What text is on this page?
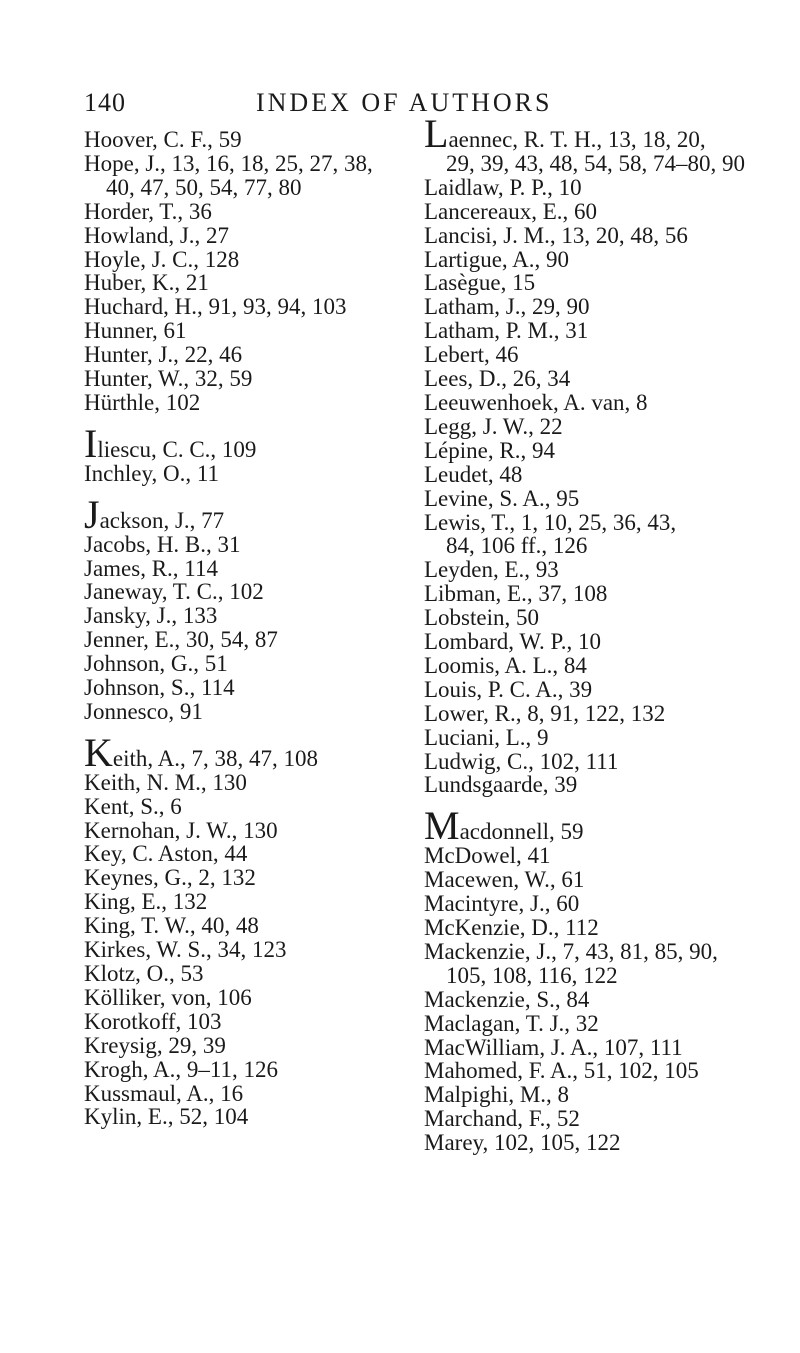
140	INDEX OF AUTHORS
Hoover, C. F., 59
Hope, J., 13, 16, 18, 25, 27, 38,
40, 47, 50, 54, 77, 80
Horder, T., 36
Howland, J., 27
Hoyle, J. C., 128
Huber, K., 21
Huchard, H., 91, 93, 94, 103
Hunner, 61
Hunter, J., 22, 46
Hunter, W., 32, 59
Hürthle, 102
Iliescu, C. C., 109
Inchley, O., 11
Jackson, J., 77
Jacobs, H. B., 31
James, R., 114
Janeway, T. C., 102
Jansky, J., 133
Jenner, E., 30, 54, 87
Johnson, G., 51
Johnson, S., 114
Jonnesco, 91
Keith, A., 7, 38, 47, 108
Keith, N. M., 130
Kent, S., 6
Kernohan, J. W., 130
Key, C. Aston, 44
Keynes, G., 2, 132
King, E., 132
King, T. W., 40, 48
Kirkes, W. S., 34, 123
Klotz, O., 53
Kölliker, von, 106
Korotkoff, 103
Kreysig, 29, 39
Krogh, A., 9–11, 126
Kussmaul, A., 16
Kylin, E., 52, 104
Laennec, R. T. H., 13, 18, 20,
29, 39, 43, 48, 54, 58, 74–80, 90
Laidlaw, P. P., 10
Lancereaux, E., 60
Lancisi, J. M., 13, 20, 48, 56
Lartigue, A., 90
Lasègue, 15
Latham, J., 29, 90
Latham, P. M., 31
Lebert, 46
Lees, D., 26, 34
Leeuwenhoek, A. van, 8
Legg, J. W., 22
Lépine, R., 94
Leudet, 48
Levine, S. A., 95
Lewis, T., 1, 10, 25, 36, 43,
84, 106 ff., 126
Leyden, E., 93
Libman, E., 37, 108
Lobstein, 50
Lombard, W. P., 10
Loomis, A. L., 84
Louis, P. C. A., 39
Lower, R., 8, 91, 122, 132
Luciani, L., 9
Ludwig, C., 102, 111
Lundsgaarde, 39
Macdonnell, 59
McDowel, 41
Macewen, W., 61
Macintyre, J., 60
McKenzie, D., 112
Mackenzie, J., 7, 43, 81, 85, 90,
105, 108, 116, 122
Mackenzie, S., 84
Maclagan, T. J., 32
MacWilliam, J. A., 107, 111
Mahomed, F. A., 51, 102, 105
Malpighi, M., 8
Marchand, F., 52
Marey, 102, 105, 122
